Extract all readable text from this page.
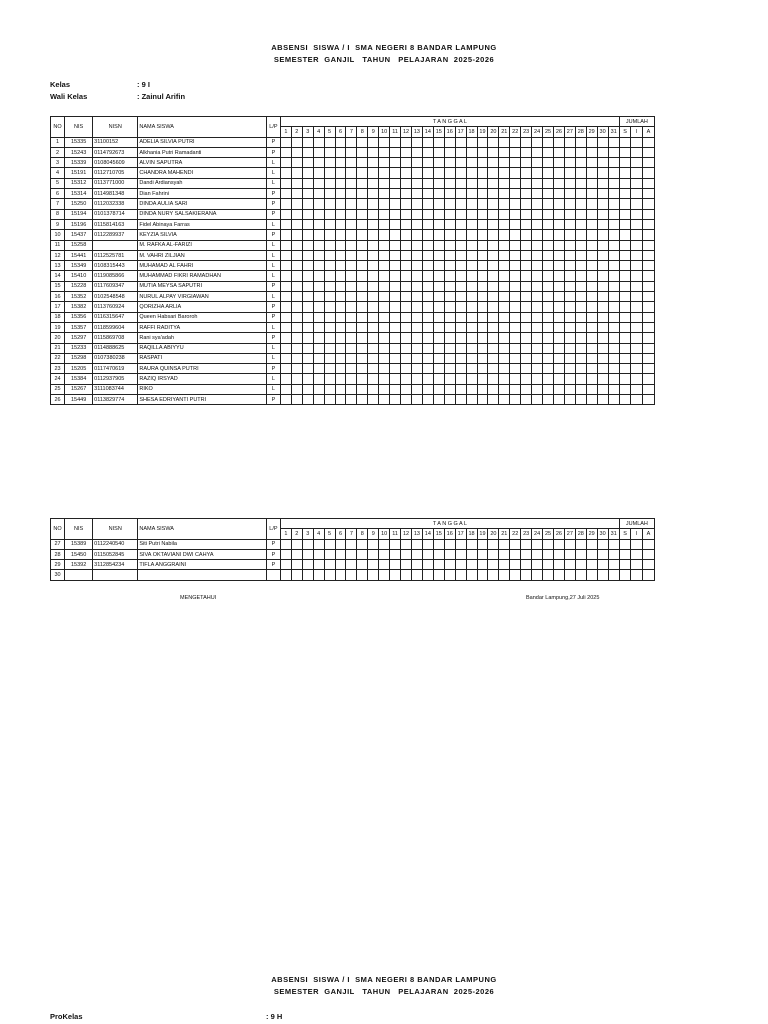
ABSENSI  SISWA / I  SMA NEGERI 8 BANDAR LAMPUNG
SEMESTER  GANJIL   TAHUN   PELAJARAN  2025-2026
Kelas	: 9 I
Wali Kelas	: Zainul Arifin
NO	NIS	NISN	NAMA SISWA	L/P	T A N G G A L																															JUMLAH		
					1	2	3	4	5	6	7	8	9	10	11	12	13	14	15	16	17	18	19	20	21	22	23	24	25	26	27	28	29	30	31	S	I	A
1	15335	31100152	ADELIA SILVIA PUTRI	P																																		
2	15243	0114792673	Alkhania Putri Ramadanti	P																																		
3	15339	0108045609	ALVIN SAPUTRA	L																																		
4	15191	0112710705	CHANDRA MAHENDI	L																																		
5	15312	0113771000	Dandi Ardiansyah	L																																		
6	15314	0114981348	Dian Fahrini	P																																		
7	15250	0112032338	DINDA AULIA SARI	P																																		
8	15194	0101378714	DINDA NURY SALSAKIERANA	P																																		
9	15196	0115814163	Fidel Abinaya Farras	L																																		
10	15437	0112289937	KEYZIA SILVIA	P																																		
11	15258		M. RAFKA AL-FARIZI	L																																		
12	15441	0112525781	M. VAHRI ZILJIAN	L																																		
13	15349	0108315443	MUHAMAD AL FAHRI	L																																		
14	15410	0119085866	MUHAMMAD FIKRI RAMADHAN	L																																		
15	15228	0117609347	MUTIA MEYSA SAPUTRI	P																																		
16	15352	0102548548	NURUL ALPAY VIRGIAWAN	L																																		
17	15382	0113760924	QORIZHA ARLIA	P																																		
18	15356	0116315647	Queen Habsari Barorоh	P																																		
19	15357	0118599604	RAFFI RADITYA	L																																		
20	15297	0115869708	Rani sya'adah	P																																		
21	15233	0114888625	RAQILLA ABIYYU	L																																		
22	15298	0107380238	RASPATI	L																																		
23	15205	0117470619	RAURA QUINSA PUTRI	P																																		
24	15384	0112937905	RAZIQ IRSYAD	L																																		
25	15267	3111083744	RIKO	L																																		
26	15449	0113829774	SHESA EDRIYANTI PUTRI	P																																		
NO	NIS	NISN	NAMA SISWA	L/P	T A N G G A L																															JUMLAH		
					1	2	3	4	5	6	7	8	9	10	11	12	13	14	15	16	17	18	19	20	21	22	23	24	25	26	27	28	29	30	31	S	I	A
27	15389	0112240540	Siti Putri Nabila	P																																		
28	15450	0115052845	SIVA OKTAVIANI DWI CAHYA	P																																		
29	15392	3112854234	TIFLA ANGGRAINI	P																																		
30																																						
MENGETAHUI	Bandar Lampung,27 Juli 2025
ABSENSI  SISWA / I  SMA NEGERI 8 BANDAR LAMPUNG
SEMESTER  GANJIL   TAHUN   PELAJARAN  2025-2026
ProKelas	: 9 H
